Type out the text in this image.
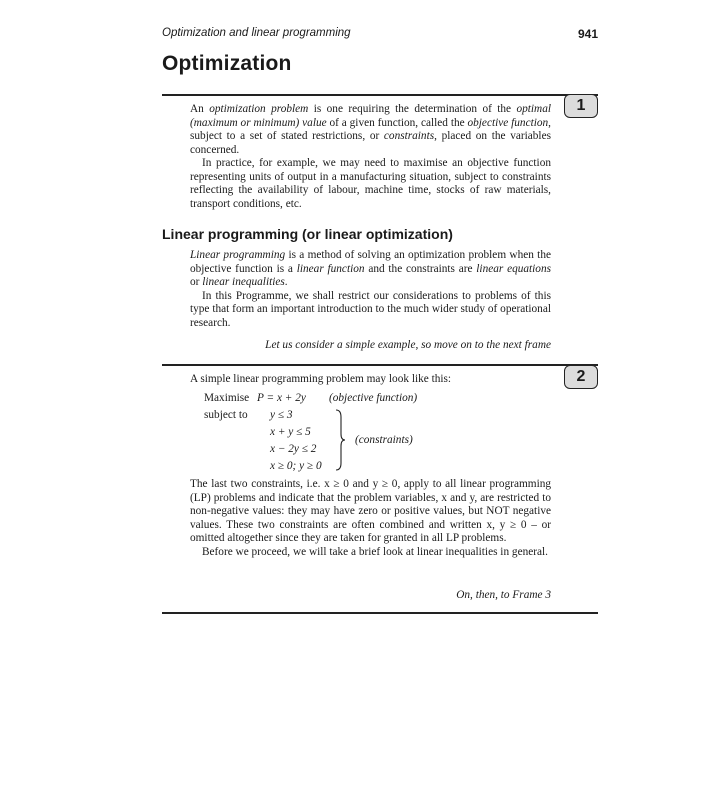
Optimization and linear programming	941
Optimization
1

An optimization problem is one requiring the determination of the optimal (maximum or minimum) value of a given function, called the objective function, subject to a set of stated restrictions, or constraints, placed on the variables concerned.

In practice, for example, we may need to maximise an objective function representing units of output in a manufacturing situation, subject to constraints reflecting the availability of labour, machine time, stocks of raw materials, transport conditions, etc.

Linear programming (or linear optimization)

Linear programming is a method of solving an optimization problem when the objective function is a linear function and the constraints are linear equations or linear inequalities.

In this Programme, we shall restrict our considerations to problems of this type that form an important introduction to the much wider study of operational research.

Let us consider a simple example, so move on to the next frame
2
A simple linear programming problem may look like this:
Maximise P = x + 2y (objective function)
subject to y ≤ 3
x + y ≤ 5
x − 2y ≤ 2
x ≥ 0; y ≥ 0
(constraints)

The last two constraints, i.e. x ≥ 0 and y ≥ 0, apply to all linear programming (LP) problems and indicate that the problem variables, x and y, are restricted to non-negative values: they may have zero or positive values, but NOT negative values. These two constraints are often combined and written x, y ≥ 0 – or omitted altogether since they are taken for granted in all LP problems.

Before we proceed, we will take a brief look at linear inequalities in general.

On, then, to Frame 3
